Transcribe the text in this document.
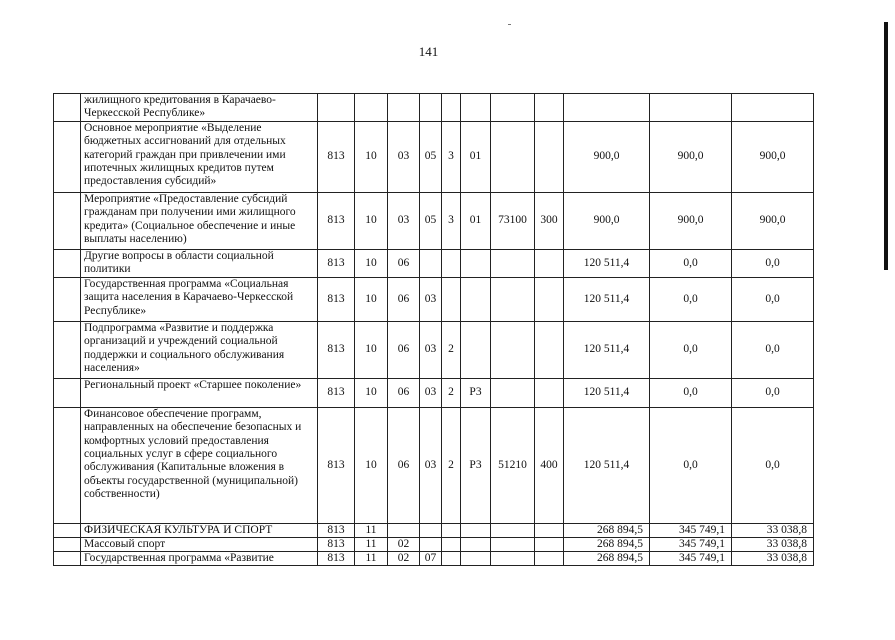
141
	жилищного кредитования в Карачаево-Черкесской Республике»											
	Основное мероприятие «Выделение бюджетных ассигнований для отдельных категорий граждан при привлечении ими ипотечных жилищных кредитов путем предоставления субсидий»	813	10	03	05	3	01			900,0	900,0	900,0
	Мероприятие «Предоставление субсидий гражданам при получении ими жилищного кредита» (Социальное обеспечение и иные выплаты населению)	813	10	03	05	3	01	73100	300	900,0	900,0	900,0
	Другие вопросы в области социальной политики	813	10	06						120 511,4	0,0	0,0
	Государственная программа «Социальная защита населения в Карачаево-Черкесской Республике»	813	10	06	03					120 511,4	0,0	0,0
	Подпрограмма «Развитие и поддержка организаций и учреждений социальной поддержки и социального обслуживания населения»	813	10	06	03	2				120 511,4	0,0	0,0
	Региональный проект «Старшее поколение»	813	10	06	03	2	Р3			120 511,4	0,0	0,0
	Финансовое обеспечение программ, направленных на обеспечение безопасных и комфортных условий предоставления социальных услуг в сфере социального обслуживания (Капитальные вложения в объекты государственной (муниципальной) собственности)	813	10	06	03	2	Р3	51210	400	120 511,4	0,0	0,0
	ФИЗИЧЕСКАЯ КУЛЬТУРА И СПОРТ	813	11							268 894,5	345 749,1	33 038,8
	Массовый спорт	813	11	02						268 894,5	345 749,1	33 038,8
	Государственная программа «Развитие	813	11	02	07					268 894,5	345 749,1	33 038,8
